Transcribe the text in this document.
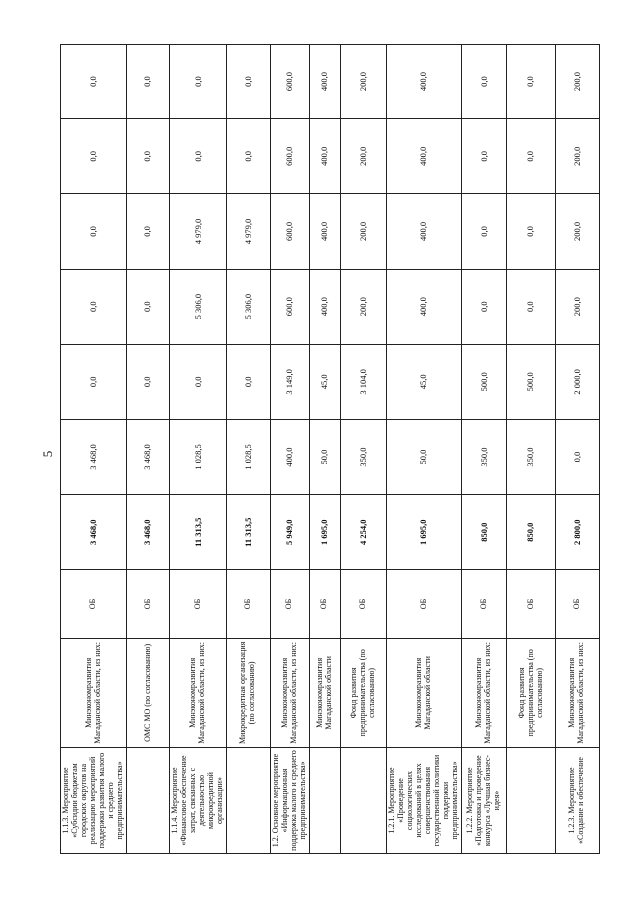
5
1.1.3. Мероприятие «Субсидии бюджетам городских округов на реализацию мероприятий поддержки развития малого и среднего предпринимательства»	Минэкономразвития Магаданской области, из них:	ОБ	3 468,0	3 468,0	0,0	0,0	0,0	0,0	0,0
	ОМС МО (по согласованию)	ОБ	3 468,0	3 468,0	0,0	0,0	0,0	0,0	0,0
1.1.4. Мероприятие «Финансовое обеспечение затрат, связанных с деятельностью микрокредитной организации»	Минэкономразвития Магаданской области, из них:	ОБ	11 313,5	1 028,5	0,0	5 306,0	4 979,0	0,0	0,0
	Микрокредитная организация (по согласованию)	ОБ	11 313,5	1 028,5	0,0	5 306,0	4 979,0	0,0	0,0
1.2. Основное мероприятие «Информационная поддержка малого и среднего предпринимательства»	Минэкономразвития Магаданской области, из них:	ОБ	5 949,0	400,0	3 149,0	600,0	600,0	600,0	600,0
	Минэкономразвития Магаданской области	ОБ	1 695,0	50,0	45,0	400,0	400,0	400,0	400,0
	Фонд развития предпринимательства (по согласованию)	ОБ	4 254,0	350,0	3 104,0	200,0	200,0	200,0	200,0
1.2.1. Мероприятие «Проведение социологических исследований в целях совершенствования государственной политики поддержки предпринимательства»	Минэкономразвития Магаданской области	ОБ	1 695,0	50,0	45,0	400,0	400,0	400,0	400,0
1.2.2. Мероприятие «Подготовка и проведение конкурса «Лучшая бизнес-идея»	Минэкономразвития Магаданской области, из них:	ОБ	850,0	350,0	500,0	0,0	0,0	0,0	0,0
	Фонд развития предпринимательства (по согласованию)	ОБ	850,0	350,0	500,0	0,0	0,0	0,0	0,0
1.2.3. Мероприятие «Создание и обеспечение	Минэкономразвития Магаданской области, из них:	ОБ	2 800,0	0,0	2 000,0	200,0	200,0	200,0	200,0
